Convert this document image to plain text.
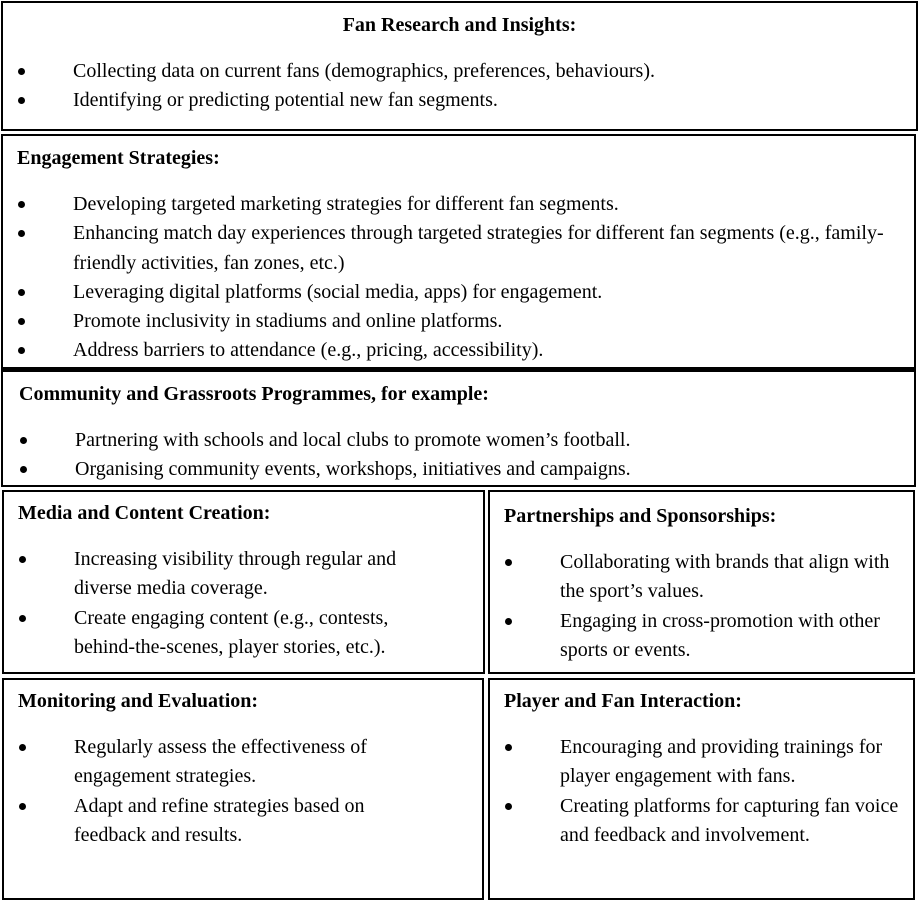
Fan Research and Insights:
Collecting data on current fans (demographics, preferences, behaviours).
Identifying or predicting potential new fan segments.
Engagement Strategies:
Developing targeted marketing strategies for different fan segments.
Enhancing match day experiences through targeted strategies for different fan segments (e.g., family-friendly activities, fan zones, etc.)
Leveraging digital platforms (social media, apps) for engagement.
Promote inclusivity in stadiums and online platforms.
Address barriers to attendance (e.g., pricing, accessibility).
Community and Grassroots Programmes, for example:
Partnering with schools and local clubs to promote women’s football.
Organising community events, workshops, initiatives and campaigns.
Media and Content Creation:
Increasing visibility through regular and diverse media coverage.
Create engaging content (e.g., contests, behind-the-scenes, player stories, etc.).
Partnerships and Sponsorships:
Collaborating with brands that align with the sport’s values.
Engaging in cross-promotion with other sports or events.
Monitoring and Evaluation:
Regularly assess the effectiveness of engagement strategies.
Adapt and refine strategies based on feedback and results.
Player and Fan Interaction:
Encouraging and providing trainings for player engagement with fans.
Creating platforms for capturing fan voice and feedback and involvement.
